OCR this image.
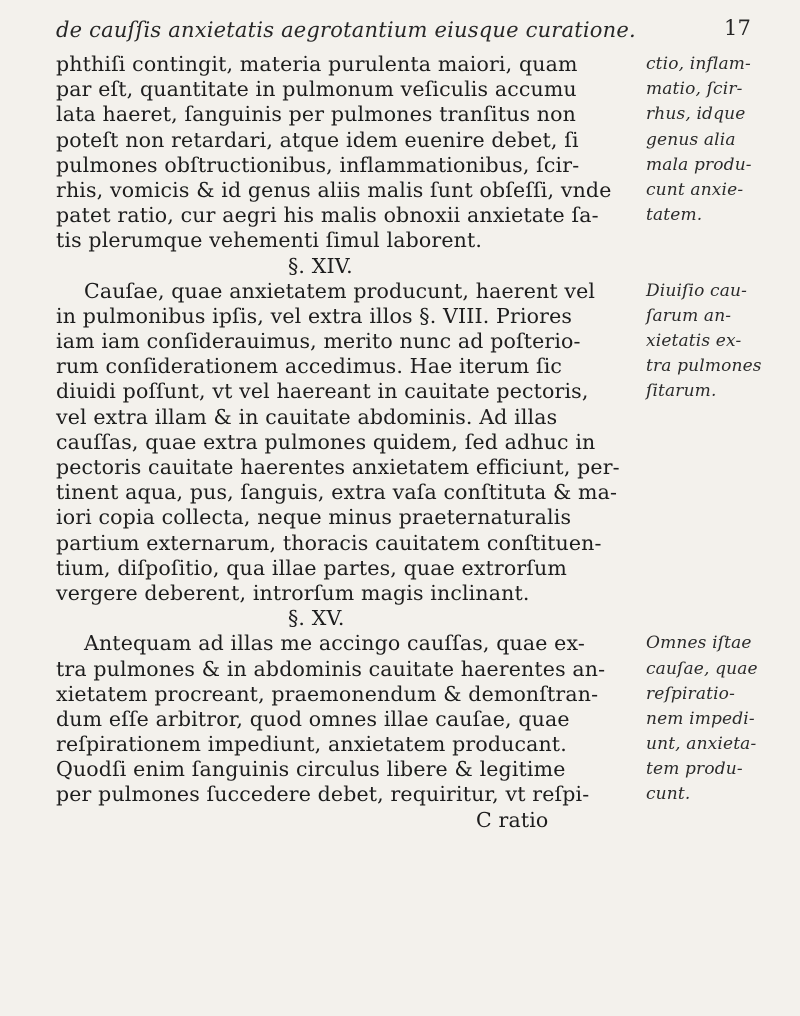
de cauſſis anxietatis aegrotantium eiusque curatione.	17
phthiſi contingit, materia purulenta maiori, quam	ctio, inflam-
par eſt, quantitate in pulmonum veſiculis accumu	matio, ſcir-
lata haeret, ſanguinis per pulmones tranſitus non	rhus, idque
poteſt non retardari, atque idem euenire debet, ſi	genus alia
pulmones obſtructionibus, inflammationibus, ſcir-	mala produ-
rhis, vomicis & id genus aliis malis ſunt obſeſſi, vnde cunt anxie-
patet ratio, cur aegri his malis obnoxii anxietate ſa-	tatem.
tis plerumque vehementi ſimul laborent.
§. XIV.
Cauſae, quae anxietatem producunt, haerent vel	Diuiſio cau-
in pulmonibus ipſis, vel extra illos §. VIII. Priores	ſarum an-
iam iam conſiderauimus, merito nunc ad poſterio-	xietatis ex-
rum conſiderationem accedimus. Hae iterum ſic	tra pulmones
diuidi poſſunt, vt vel haereant in cauitate pectoris,	ſitarum.
vel extra illam & in cauitate abdominis. Ad illas
cauſſas, quae extra pulmones quidem, ſed adhuc in
pectoris cauitate haerentes anxietatem efficiunt, per-
tinent aqua, pus, ſanguis, extra vaſa conſtituta & ma-
iori copia collecta, neque minus praeternaturalis
partium externarum, thoracis cauitatem conſtituen-
tium, diſpoſitio, qua illae partes, quae extrorſum
vergere deberent, introrſum magis inclinant.
§. XV.
Antequam ad illas me accingo cauſſas, quae ex-	Omnes iſtae
tra pulmones & in abdominis cauitate haerentes an- cauſae, quae
xietatem procreant, praemonendum & demonſtran-	reſpiratio-
dum eſſe arbitror, quod omnes illae cauſae, quae	nem impedi-
reſpirationem impediunt, anxietatem producant.	unt, anxieta-
Quodſi enim ſanguinis circulus libere & legitime	tem produ-
per pulmones ſuccedere debet, requiritur, vt reſpi-	cunt.
C ratio
